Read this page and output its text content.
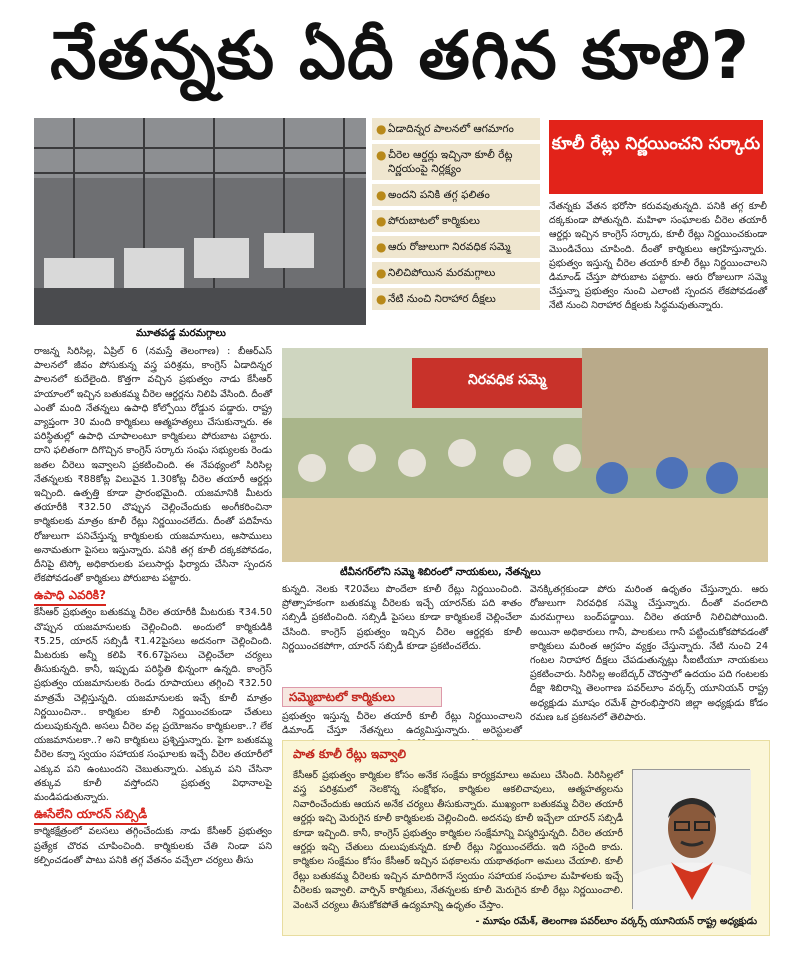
నేతన్నకు ఏదీ తగిన కూలి?
మూతపడ్డ మరమగ్గాలు
● ఏడాదిన్నర పాలనలో ఆగమాగం
● చీరెల ఆర్డర్లు ఇచ్చినా కూలీ రేట్ల నిర్ణయంపై నిర్లక్ష్యం
● అందని పనికి తగ్గ ఫలితం
● పోరుబాటలో కార్మికులు
● ఆరు రోజులుగా నిరవధిక సమ్మె
● నిలిచిపోయిన మరమగ్గాలు
● నేటి నుంచి నిరాహార దీక్షలు
కూలీ రేట్లు నిర్ణయించని సర్కారు
నేతన్నకు వేతన భరోసా కరువవుతున్నది. పనికి తగ్గ కూలీ దక్కకుండా పోతున్నది. మహిళా సంఘాలకు చీరెల తయారీ ఆర్డర్లు ఇచ్చిన కాంగ్రెస్ సర్కారు, కూలీ రేట్లు నిర్ణయించకుండా మొండిచేయి చూపింది. దీంతో కార్మికులు ఆగ్రహిస్తున్నారు. ప్రభుత్వం ఇస్తున్న చీరెల తయారీ కూలీ రేట్లు నిర్ణయించాలని డిమాండ్ చేస్తూ పోరుబాట పట్టారు. ఆరు రోజులుగా సమ్మె చేస్తున్నా ప్రభుత్వం నుంచి ఎలాంటి స్పందన లేకపోవడంతో నేటి నుంచి నిరాహార దీక్షలకు సిద్ధమవుతున్నారు.

రాజన్న సిరిసిల్ల, ఏప్రిల్ 6 (నమస్తే తెలంగాణ) : బీఆర్‌ఎస్ పాలనలో జీవం పోసుకున్న వస్త్ర పరిశ్రమ, కాంగ్రెస్ ఏడాదిన్నర పాలనలో కుదేలైంది. కొత్తగా వచ్చిన ప్రభుత్వం నాడు కేసీఆర్ హయాంలో ఇచ్చిన బతుకమ్మ చీరెల ఆర్డర్లను నిలిపి వేసింది. దీంతో ఎంతో మంది నేతన్నలు ఉపాధి కోల్పోయి రోడ్డున పడ్డారు. రాష్ట్ర వ్యాప్తంగా 30 మంది కార్మికులు ఆత్మహత్యలు చేసుకున్నారు. ఈ పరిస్థితుల్లో ఉపాధి చూపాలంటూ కార్మికులు పోరుబాట పట్టారు. దాని ఫలితంగా దిగొచ్చిన కాంగ్రెస్ సర్కారు సంఘ సభ్యులకు రెండు జతల చీరెలు ఇవ్వాలని ప్రకటించింది. ఈ నేపథ్యంలో సిరిసిల్ల నేతన్నలకు ₹88కోట్ల విలువైన 1.30కోట్ల చీరెల తయారీ ఆర్డర్లు ఇచ్చింది. ఉత్పత్తి కూడా ప్రారంభమైంది. యజమానికి మీటరు తయారీకి ₹32.50 చొప్పున చెల్లించేందుకు అంగీకరించినా కార్మికులకు మాత్రం కూలీ రేట్లు నిర్ణయించలేదు. దీంతో పదిహేను రోజులుగా పనిచేస్తున్న కార్మికులకు యజమానులు, ఆసాములు అనామతుగా పైసలు ఇస్తున్నారు. పనికి తగ్గ కూలీ దక్కకపోవడం, దీనిపై టెస్కో అధికారులకు పలుసార్లు ఫిర్యాదు చేసినా స్పందన లేకపోవడంతో కార్మికులు పోరుబాట పట్టారు.

ఉపాధి ఎవరికి?

కేసీఆర్ ప్రభుత్వం బతుకమ్మ చీరెల తయారీకి మీటరుకు ₹34.50 చొప్పున యజమానులకు చెల్లించింది. అందులో కార్మికుడికి ₹5.25, యారన్ సబ్సిడీ ₹1.42పైసలు అదనంగా చెల్లించింది. మీటరుకు అన్నీ కలిపి ₹6.67పైసలు చెల్లించేలా చర్యలు తీసుకున్నది. కానీ, ఇప్పుడు పరిస్థితి భిన్నంగా ఉన్నది. కాంగ్రెస్ ప్రభుత్వం యజమానులకు రెండు రూపాయలు తగ్గించి ₹32.50 మాత్రమే చెల్లిస్తున్నది. యజమానులకు ఇచ్చే కూలీ మాత్రం నిర్ణయించినా.. కార్మికుల కూలీ నిర్ణయించకుండా చేతులు దులుపుకున్నది. అసలు చీరెల వల్ల ప్రయోజనం కార్మికులకా..? లేక యజమానులకా..? అని కార్మికులు ప్రశ్నిస్తున్నారు. పైగా బతుకమ్మ చీరెల కన్నా స్వయం సహాయక సంఘాలకు ఇచ్చే చీరెల తయారీలో ఎక్కువ పని ఉంటుందని చెబుతున్నారు. ఎక్కువ పని చేసినా తక్కువ కూలీ వస్తోందని ప్రభుత్వ విధానాలపై మండిపడుతున్నారు.

ఊసేలేని యారన్ సబ్సిడీ

కార్మికక్షేత్రంలో వలసలు తగ్గించేందుకు నాడు కేసీఆర్ ప్రభుత్వం ప్రత్యేక చొరవ చూపించింది. కార్మికులకు చేతి నిండా పని కల్పించడంతో పాటు పనికి తగ్గ వేతనం వచ్చేలా చర్యలు తీసు

నిరవధిక సమ్మె
టీవీనగర్‌లోని సమ్మె శిబిరంలో నాయకులు, నేతన్నలు

కున్నది. నెలకు ₹20వేలు పొందేలా కూలీ రేట్లు నిర్ణయించింది. ప్రోత్సాహకంగా బతుకమ్మ చీరెలకు ఇచ్చే యారన్‌కు పది శాతం సబ్సిడీ ప్రకటించింది. సబ్సిడీ పైసలు కూడా కార్మికులకే చెల్లించేలా చేసింది. కాంగ్రెస్ ప్రభుత్వం ఇచ్చిన చీరెల ఆర్డర్లకు కూలీ నిర్ణయించకపోగా, యారన్ సబ్సిడీ కూడా ప్రకటించలేదు.

సమ్మెబాటలో కార్మికులు
ప్రభుత్వం ఇస్తున్న చీరెల తయారీ కూలీ రేట్లు నిర్ణయించాలని డిమాండ్ చేస్తూ నేతన్నలు ఉద్యమిస్తున్నారు. అరెస్టులతో
వెనక్కితగ్గకుండా పోరు మరింత ఉధృతం చేస్తున్నారు. ఆరు రోజులుగా నిరవధిక సమ్మె చేస్తున్నారు. దీంతో వందలాది మరమగ్గాలు బంద్‌పడ్డాయి. చీరెల తయారీ నిలిచిపోయింది. అయినా అధికారులు గానీ, పాలకులు గానీ పట్టించుకోకపోవడంతో కార్మికులు మరింత ఆగ్రహం వ్యక్తం చేస్తున్నారు. నేటి నుంచి 24 గంటల నిరాహార దీక్షలు చేపడుతున్నట్లు సీఐటీయూ నాయకులు ప్రకటించారు. సిరిసిల్ల అంబేద్కర్ చౌరస్తాలో ఉదయం పది గంటలకు దీక్షా శిబిరాన్ని తెలంగాణ పవర్‌లూం వర్కర్స్ యూనియన్ రాష్ట్ర అధ్యక్షుడు మూషం రమేశ్ ప్రారంభిస్తారని జిల్లా అధ్యక్షుడు కోడం రమణ ఒక ప్రకటనలో తెలిపారు.
పాత కూలీ రేట్లు ఇవ్వాలి
కేసీఆర్ ప్రభుత్వం కార్మికుల కోసం అనేక సంక్షేమ కార్యక్రమాలు అమలు చేసింది. సిరిసిల్లలో వస్త్ర పరిశ్రమలో నెలకొన్న సంక్షోభం, కార్మికుల ఆకలిచావులు, ఆత్మహత్యలను నివారించేందుకు ఆయన అనేక చర్యలు తీసుకున్నారు. ముఖ్యంగా బతుకమ్మ చీరెల తయారీ ఆర్డర్లు ఇచ్చి మెరుగైన కూలీ కార్మికులకు చెల్లించింది. అదనపు కూలీ ఇచ్చేలా యారన్ సబ్సిడీ కూడా ఇచ్చింది. కానీ, కాంగ్రెస్ ప్రభుత్వం కార్మికుల సంక్షేమాన్ని విస్మరిస్తున్నది. చీరెల తయారీ ఆర్డర్లు ఇచ్చి చేతులు దులుపుకున్నది. కూలీ రేట్లు నిర్ణయించలేదు. ఇది సరైంది కాదు. కార్మికుల సంక్షేమం కోసం కేసీఆర్ ఇచ్చిన పథకాలను యథాతథంగా అమలు చేయాలి. కూలీ రేట్లు బతుకమ్మ చీరెలకు ఇచ్చిన మాదిరిగానే స్వయం సహాయక సంఘాల మహిళలకు ఇచ్చే చీరెలకు ఇవ్వాలి. వార్పిన్ కార్మికులు, నేతన్నలకు కూలీ మెరుగైన కూలీ రేట్లు నిర్ణయించాలి. వెంటనే చర్యలు తీసుకోకపోతే ఉద్యమాన్ని ఉధృతం చేస్తాం.
- మూషం రమేశ్, తెలంగాణ పవర్‌లూం వర్కర్స్ యూనియన్ రాష్ట్ర అధ్యక్షుడు
